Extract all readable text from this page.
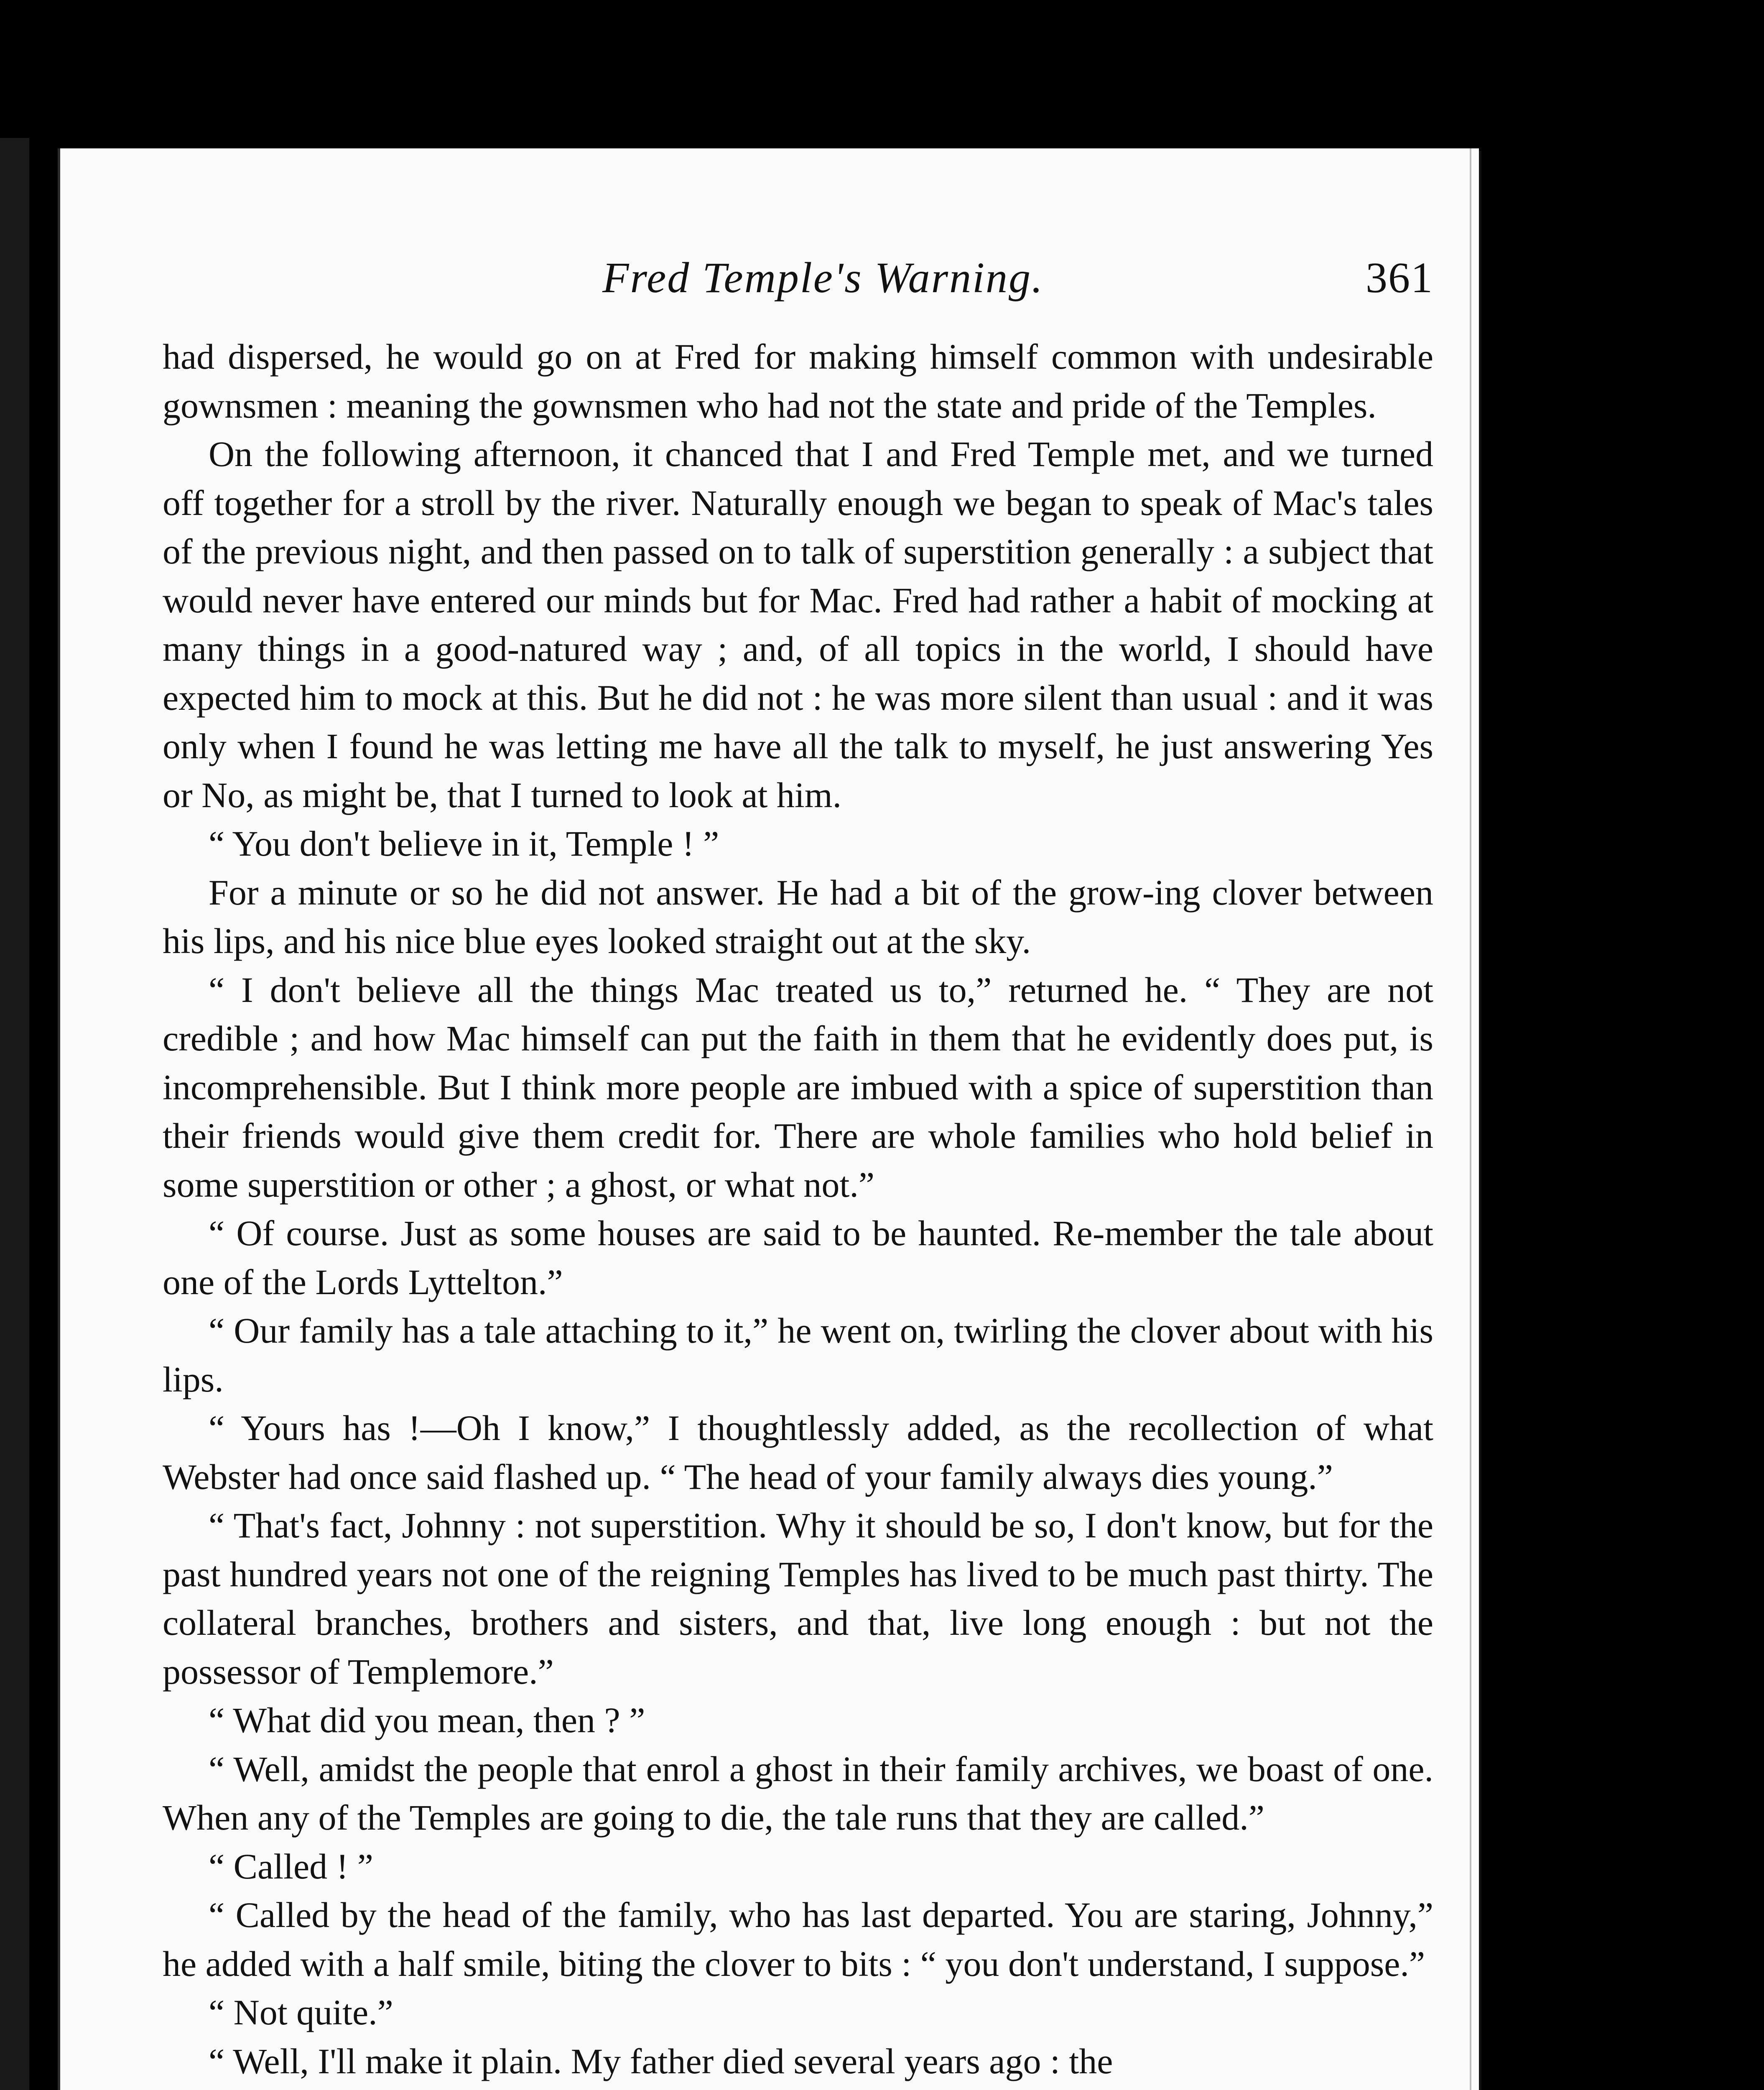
Fred Temple's Warning.	361

had dispersed, he would go on at Fred for making himself common with undesirable gownsmen : meaning the gownsmen who had not the state and pride of the Temples.

On the following afternoon, it chanced that I and Fred Temple met, and we turned off together for a stroll by the river. Naturally enough we began to speak of Mac's tales of the previous night, and then passed on to talk of superstition generally : a subject that would never have entered our minds but for Mac. Fred had rather a habit of mocking at many things in a good-natured way ; and, of all topics in the world, I should have expected him to mock at this. But he did not : he was more silent than usual : and it was only when I found he was letting me have all the talk to myself, he just answering Yes or No, as might be, that I turned to look at him.

“ You don't believe in it, Temple ! ”

For a minute or so he did not answer. He had a bit of the grow-ing clover between his lips, and his nice blue eyes looked straight out at the sky.

“ I don't believe all the things Mac treated us to,” returned he. “ They are not credible ; and how Mac himself can put the faith in them that he evidently does put, is incomprehensible. But I think more people are imbued with a spice of superstition than their friends would give them credit for. There are whole families who hold belief in some superstition or other ; a ghost, or what not.”

“ Of course. Just as some houses are said to be haunted. Re-member the tale about one of the Lords Lyttelton.”

“ Our family has a tale attaching to it,” he went on, twirling the clover about with his lips.

“ Yours has !—Oh I know,” I thoughtlessly added, as the recollection of what Webster had once said flashed up. “ The head of your family always dies young.”

“ That's fact, Johnny : not superstition. Why it should be so, I don't know, but for the past hundred years not one of the reigning Temples has lived to be much past thirty. The collateral branches, brothers and sisters, and that, live long enough : but not the possessor of Templemore.”

“ What did you mean, then ? ”

“ Well, amidst the people that enrol a ghost in their family archives, we boast of one. When any of the Temples are going to die, the tale runs that they are called.”

“ Called ! ”

“ Called by the head of the family, who has last departed. You are staring, Johnny,” he added with a half smile, biting the clover to bits : “ you don't understand, I suppose.”

“ Not quite.”

“ Well, I'll make it plain. My father died several years ago : the
